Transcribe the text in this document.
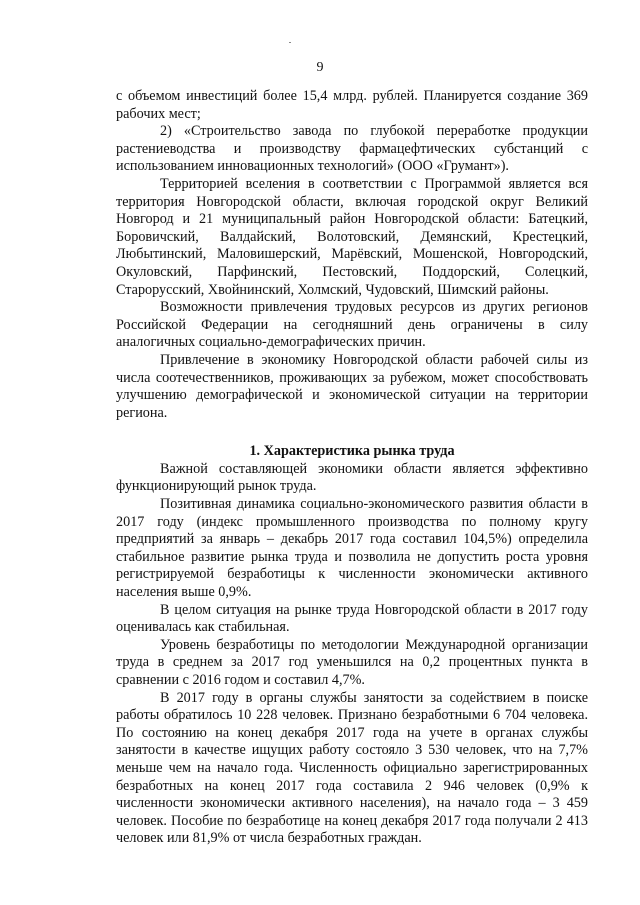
9

с объемом инвестиций более 15,4 млрд. рублей. Планируется создание 369 рабочих мест;

2) «Строительство завода по глубокой переработке продукции растениеводства и производству фармацефтических субстанций с использованием инновационных технологий» (ООО «Грумант»).

Территорией вселения в соответствии с Программой является вся территория Новгородской области, включая городской округ Великий Новгород и 21 муниципальный район Новгородской области: Батецкий, Боровичский, Валдайский, Волотовский, Демянский, Крестецкий, Любытинский, Маловишерский, Марёвский, Мошенской, Новгородский, Окуловский, Парфинский, Пестовский, Поддорский, Солецкий, Старорусский, Хвойнинский, Холмский, Чудовский, Шимский районы.

Возможности привлечения трудовых ресурсов из других регионов Российской Федерации на сегодняшний день ограничены в силу аналогичных социально-демографических причин.

Привлечение в экономику Новгородской области рабочей силы из числа соотечественников, проживающих за рубежом, может способствовать улучшению демографической и экономической ситуации на территории региона.

1. Характеристика рынка труда

Важной составляющей экономики области является эффективно функционирующий рынок труда.

Позитивная динамика социально-экономического развития области в 2017 году (индекс промышленного производства по полному кругу предприятий за январь – декабрь 2017 года составил 104,5%) определила стабильное развитие рынка труда и позволила не допустить роста уровня регистрируемой безработицы к численности экономически активного населения выше 0,9%.

В целом ситуация на рынке труда Новгородской области в 2017 году оценивалась как стабильная.

Уровень безработицы по методологии Международной организации труда в среднем за 2017 год уменьшился на 0,2 процентных пункта в сравнении с 2016 годом и составил 4,7%.

В 2017 году в органы службы занятости за содействием в поиске работы обратилось 10 228 человек. Признано безработными 6 704 человека. По состоянию на конец декабря 2017 года на учете в органах службы занятости в качестве ищущих работу состояло 3 530 человек, что на 7,7% меньше чем на начало года. Численность официально зарегистрированных безработных на конец 2017 года составила 2 946 человек (0,9% к численности экономически активного населения), на начало года – 3 459 человек. Пособие по безработице на конец декабря 2017 года получали 2 413 человек или 81,9% от числа безработных граждан.
